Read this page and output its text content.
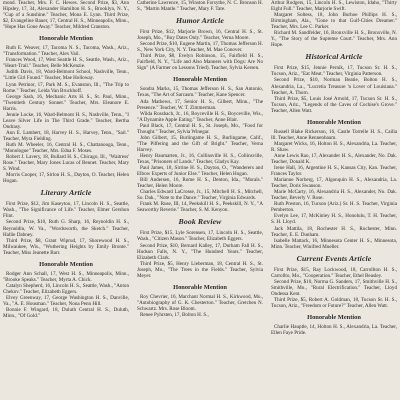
mond. Teacher, Mrs. F. C. Hewes. Second Prize, $3, Ann Hipsley, 17, 34, Alexander Hamilton H. S., Brooklyn, N. Y., "Cup of a Sunshine." Teacher, Mona E. Lynn. Third Prize, $2, Evangeline Bauer, 17, Central H. S., Minneapolis, Minn., "Hope Has Gone Away." Teacher, Mildred Cranston.

Honorable Mention

Ruth E. Weaver, 17, Tacoma N. S., Tacoma, Wash., Ariz., "Transformation." Teacher, Alex Vail.

Frances Wood, 17, West Seattle H. S., Seattle, Wash., Ariz., "Heart-Trail." Teacher, Belle McKenzie.

Judith Davis, 18, Ward-Belmont School, Nashville, Tenn., "Little Girl Found." Teacher, Mae Holloway.

Lynn Petrinor, 17, Park M. S., Evanston, Ill., "The Trip to Rome." Teacher, Leida Van Bruckhoff.

George Sash, 16, Mechanic Arts H. S., St. Paul, Minn., "Twentieth Century Sonnet." Teacher, Mrs. Eleanore E. Harris.

Jennie Locke, 16, Ward-Belmont H. S., Nashville, Tenn., "I Leave Silver Life in The Third Grade." Teacher, Bertha Ondrasy.

Ann E. Lambert, 18, Harvey H. S., Harvey, Tenn., "Sail." Teacher, Myra Fielding.

Ruth M. Wheeler, 16, Central H. S., Chattanooga, Tenn., "Monologue" Teacher, Mrs. Edna F. Moses.

Robert J. Lavery, 18, Bullard H. S., Chicago, Ill., "Waitress' Rose." Teacher, Mary Jones Lucas of Bennet. Teacher, Mary S. Wind.

Morris Cooper, 17, Sirlon H. S., Dayton, O. Teacher, Helen Hogan.

Literary Article

First Prize, $12, Jim Kaseytoo, 17, Lincoln H. S., Seattle, Wash., "The Significance of Life." Teacher, Elmer Gershon Flint.

Second Prize, $10, Ruth G. Sharp, 16, Reynoldin H. S., Reynoldin, W. Va., "Wordsworth, the Sketch." Teacher, Hallie Dabney.

Third Prize, $8, Grant Wiprud, 17, Shorewood H. S., Milwaukee, Wis., "Wuthering Heights by Emily Bronte." Teacher, Miss Jeanette Barr.

Honorable Mention

Rodger Ann Schall, 17, West H. S., Minneapolis, Minn., "Brooke Speaks." Teacher, Myrta A. Chick.

Catalyn Shepherd, 16, Lincoln H. S., Seattle, Wash., "Anton Chekov." Teacher, Elizabeth Eggers.

Elvey Greenway, 17, George Washington H. S., Danville, Va., "A. E. Housman." Teacher, Nona Penn Hill.

Bonnie F. Wingard, 18, Duluth Central H. S., Duluth, Minn., "Of Gold."

Catherine Lawrence, 15, Winston Forsythe, N. C. Bronson H. S., "Martin Mantle." Teacher, Mary F. Tate.

Humor Article

First Prize, $12, Marjorie Brown, 16, Central H. S., St. Joseph, Mo., "Buy Dates Only." Teacher, Verna Moore.

Second Prize, $10, Eugene Martin, 17, Thomas Jefferson H. S., New York City, N. Y. Teacher, M. Mae Conover.

Third Prize, $8, Evelyn Robinson, 15, Fairfield H. S., Fairfield, N. Y., "Life and Also Manners with Dogs: Are No Sign" (A Farmer on Lessons Tried). Teacher, Sylvia Kersen.

Honorable Mention

Sondra Marks, 15, Thomas Jefferson H. S., San Antonio, Texas, "The Art of Sarcasm." Teacher, Kane Spencer.

Ada Mathews, 17, Senior H. S., Gilbert, Minn., "The Presence." Teacher, W. T. Zimmerman.

Wilda Rossbach, Jr., 16, Boyceville H. S., Boyceville, Wis., "A Dynamite Apple Eating." Teacher, Anne Blair.

Paul Black, 17, Central H. S., St. Joseph, Mo., "Food for Thought." Teacher, Sylvia Winegar.

John Gilbert, 15, Burlingame H. S., Burlingame, Calif., "The Pilfering and the Gift of Bright." Teacher, Verna Harvey.

Henry Baumarten, Jr., 16, Collinsville H. S., Collinsville, Texas, "Prisoners of Lands." Teacher, Gladys Kay.

Paul James, 18, Sirrine H. S., Dayton, O., "Wanderers and Elbow Experts of Junior Else." Teacher, Helen Hogan.

Bill Andersen, 16, Rome H. S., Denton, Ida., "Morals." Teacher, Helen Moore.

Charles Edward LaCrosse, Jr., 15, Mitchell H. S., Mitchell, So. Dak., "Note to the Dance." Teacher, Virginia Edwards.

Frank M. Ruse, III, 14, Peekskill H. S., Peekskill, N. Y., "A Seaworthy Reverie." Teacher, S. M. Kenyon.

Book Review

First Prize, $15, Lyle Sorensen, 17, Lincoln H. S., Seattle, Wash., "Citizen Mason." Teacher, Elizabeth Eggers.

Second Prize, $10, Bernard Kalley, 17, Durham Fall H. S., Hudson Falls, N. Y., "The Hundred Years." Teacher, Elizabeth Clark.

Third Prize, $5, Henry Lieberman, 18, Central H. S., St. Joseph, Mo., "The Trees in the Fields." Teacher, Sylvia Meyer.

Honorable Mention

Roy Chevrier, 16, Marchant Normal H. S., Kirkwood, Mo., "Autobiography of G. K. Chesterton." Teacher, Gretchen N. Schwartz. Mrs. Rose Bloom.

Renee Pyhrsten, 17, Bolton H. S.,

Arthur Rodgers, 15, Lincoln H. S., Lewiston, Idaho, "Thirty Eight Full." Teacher, Marjorie Swift.

Margaret Soltess, 18, John Burhoe Phillips H. S., Birmingham, Ala., "Gone to that Gulf-Cities Dreamer." Teacher, Mrs. Lee C. Parker.

Richard M. Sandfelder, 16, Bronxville H. S., Bronxville, N. Y., "The Story of the Supreme Court." Teacher, Mrs. Ann Hope.

Historical Article

First Prize, $15, Jennie Pernik, 17, Tucson Sr. H. S., Tucson, Ariz., "Eat Meat." Teacher, Virginia Patterson.

Second Prize, $10, Norman Beatie, Bolton H. S., Alexandria, La., "Lucretia Treasure 'n Lover of Louisiana." Teacher, A. Thorn.

Third Prize, $5, Louis José Arnold, 17, Tucson Sr. H. S., Tucson, Ariz., "Legends of the Caves of Cochise's Grove." Teacher, Allen Watt.

Honorable Mention

Russell Blake Rickerson, 16, Castle Torrelle H. S., Cailla Ill. Teacher, Anne Rennenbaum.

Margaret Wicks, 16, Holton H. S., Alexandria, La. Teacher, R. Shaw.

Anne Lewis Rao, 17, Alexander H. S., Alexander, No. Dak. Teacher, Donald K.

Irene Hall, 16, Argentine H. S., Kansas City, Kan. Teacher, Frances Taylor.

Marianne Norberg, 17, Algonquin H. S., Alexandria, La. Teacher, Doris Swanson.

Marie McCarty, 16, Alexandria H. S., Alexander, No. Dak. Teacher, Beverly V. Rose.

Ruth Preston, 16, Tucson (Ariz.) Sr. H. S. Teacher, Virginia Pemberton.

Evelyn Lee, 17, McKinley H. S., Honolulu, T. H. Teacher, S. H. Lloyd.

Jack Mattila, 18, Rochester H. S., Rochester, Minn. Teacher, E. E. Dunham.

Isabelle Mattack, 16, Minnesota Center H. S., Minnesota, Minn. Teacher, Winifred Mueller.

Current Events Article

First Prize, $15, Ray Lockwood, 18, Carrollton H. S., Carrollto, Mo., "Cooperation." Teacher, Ethel Beasley.

Second Prize, $10, Norma G. Sanders, 17, Smithville H. S., Smithville, Mo., "Rural Electrification." Teacher, Lloyd Ondessa Kent.

Third Prize, $5, Robert A. Goldman, 18, Tucson Sr. H. S., Tucson, Ariz., "Freedom or Future?" Teacher, Allen Watt.

Honorable Mention

Charlie Hauptle, 14, Holton H. S., Alexandria, La. Teacher, Ellen Faye Pride.
